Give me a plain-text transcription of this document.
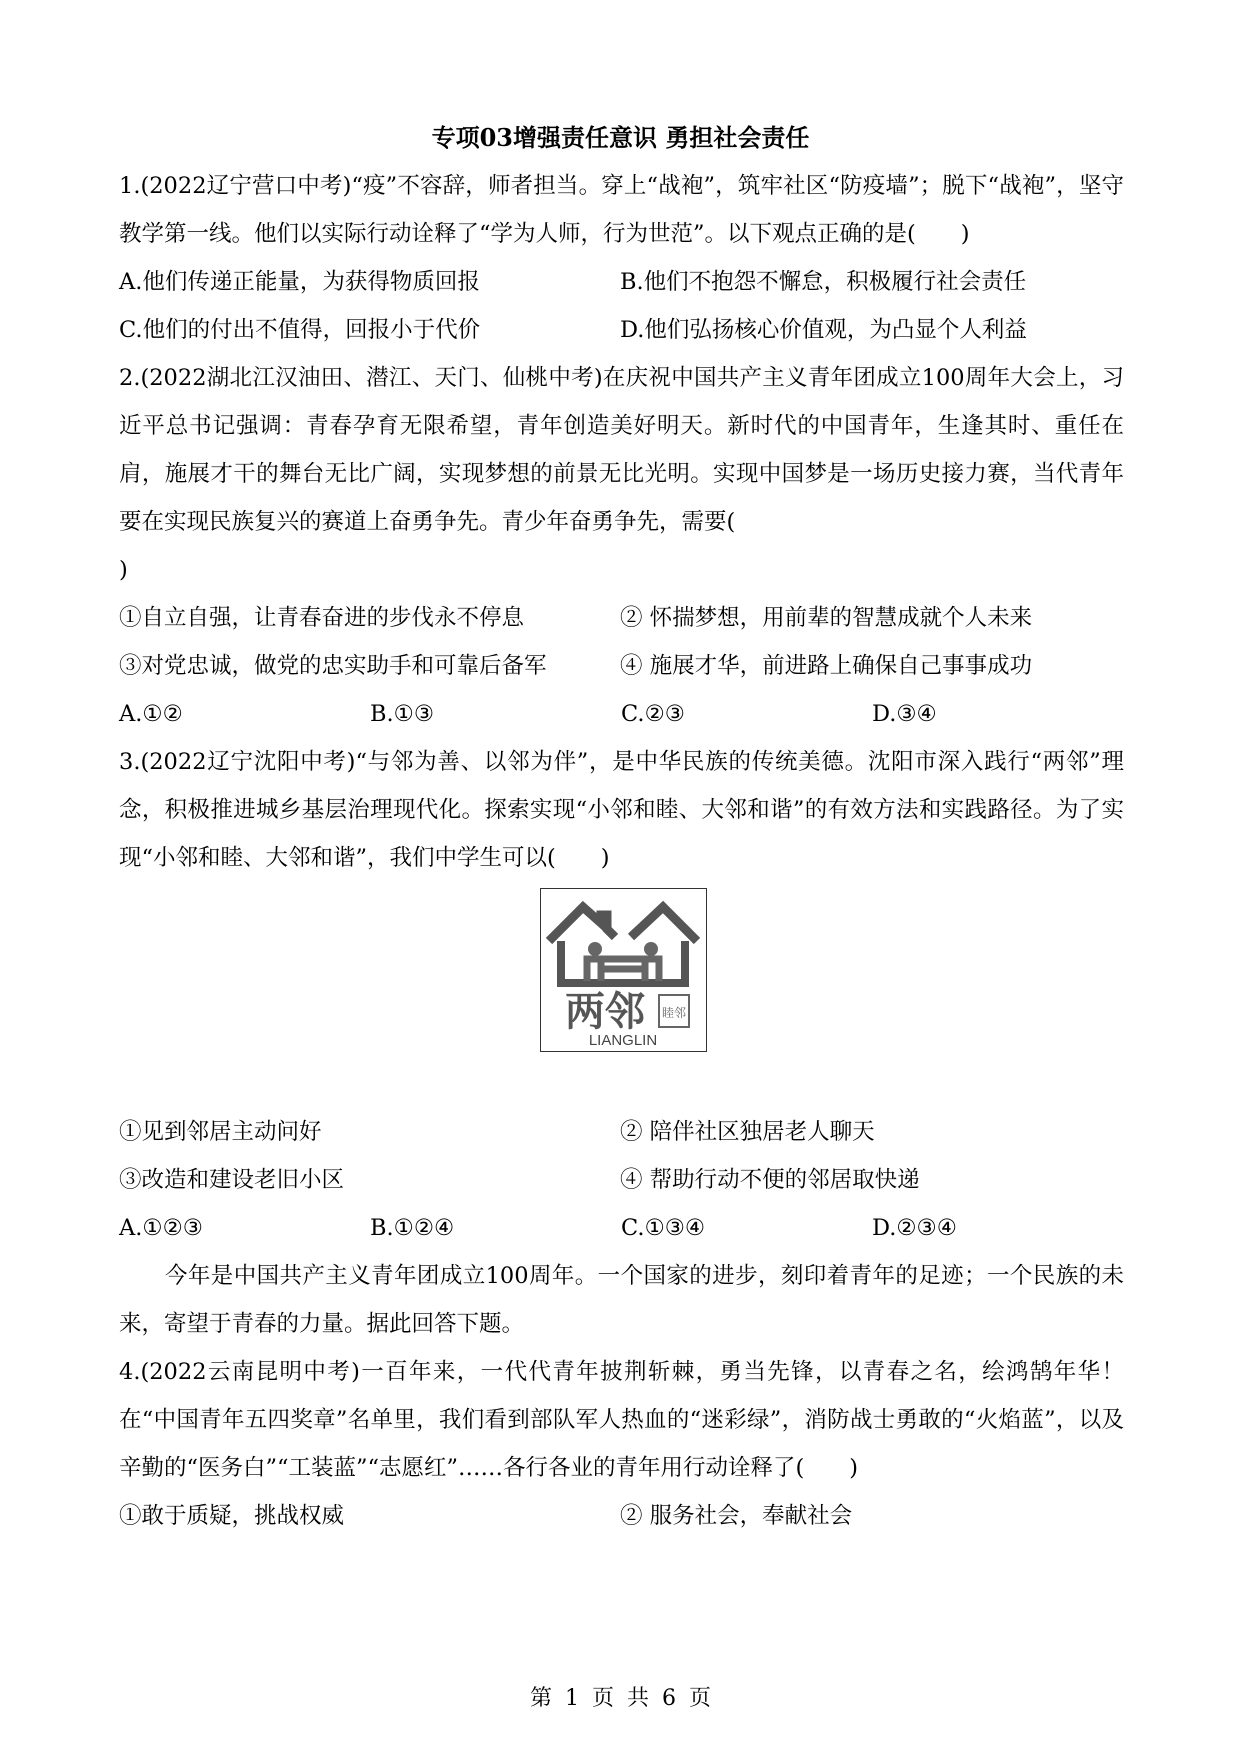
专项03增强责任意识 勇担社会责任

1.(2022辽宁营口中考)“疫”不容辞，师者担当。穿上“战袍”，筑牢社区“防疫墙”；脱下“战袍”，坚守教学第一线。他们以实际行动诠释了“学为人师，行为世范”。以下观点正确的是(　　)

A.他们传递正能量，为获得物质回报	B.他们不抱怨不懈怠，积极履行社会责任
C.他们的付出不值得，回报小于代价	D.他们弘扬核心价值观，为凸显个人利益

2.(2022湖北江汉油田、潜江、天门、仙桃中考)在庆祝中国共产主义青年团成立100周年大会上，习近平总书记强调：青春孕育无限希望，青年创造美好明天。新时代的中国青年，生逢其时、重任在肩，施展才干的舞台无比广阔，实现梦想的前景无比光明。实现中国梦是一场历史接力赛，当代青年要在实现民族复兴的赛道上奋勇争先。青少年奋勇争先，需要(

)

①自立自强，让青春奋进的步伐永不停息	② 怀揣梦想，用前辈的智慧成就个人未来
③对党忠诚，做党的忠实助手和可靠后备军	④ 施展才华，前进路上确保自己事事成功
A.①②	B.①③	C.②③	D.③④

3.(2022辽宁沈阳中考)“与邻为善、以邻为伴”，是中华民族的传统美德。沈阳市深入践行“两邻”理念，积极推进城乡基层治理现代化。探索实现“小邻和睦、大邻和谐”的有效方法和实践路径。为了实现“小邻和睦、大邻和谐”，我们中学生可以(　　)

睦邻
两邻
LIANGLIN
①见到邻居主动问好	② 陪伴社区独居老人聊天
③改造和建设老旧小区	④ 帮助行动不便的邻居取快递
A.①②③	B.①②④	C.①③④	D.②③④

今年是中国共产主义青年团成立100周年。一个国家的进步，刻印着青年的足迹；一个民族的未来，寄望于青春的力量。据此回答下题。

4.(2022云南昆明中考)一百年来，一代代青年披荆斩棘，勇当先锋，以青春之名，绘鸿鹄年华！在“中国青年五四奖章”名单里，我们看到部队军人热血的“迷彩绿”，消防战士勇敢的“火焰蓝”，以及辛勤的“医务白”“工装蓝”“志愿红”……各行各业的青年用行动诠释了(　　)

①敢于质疑，挑战权威	② 服务社会，奉献社会
第 1 页 共 6 页
